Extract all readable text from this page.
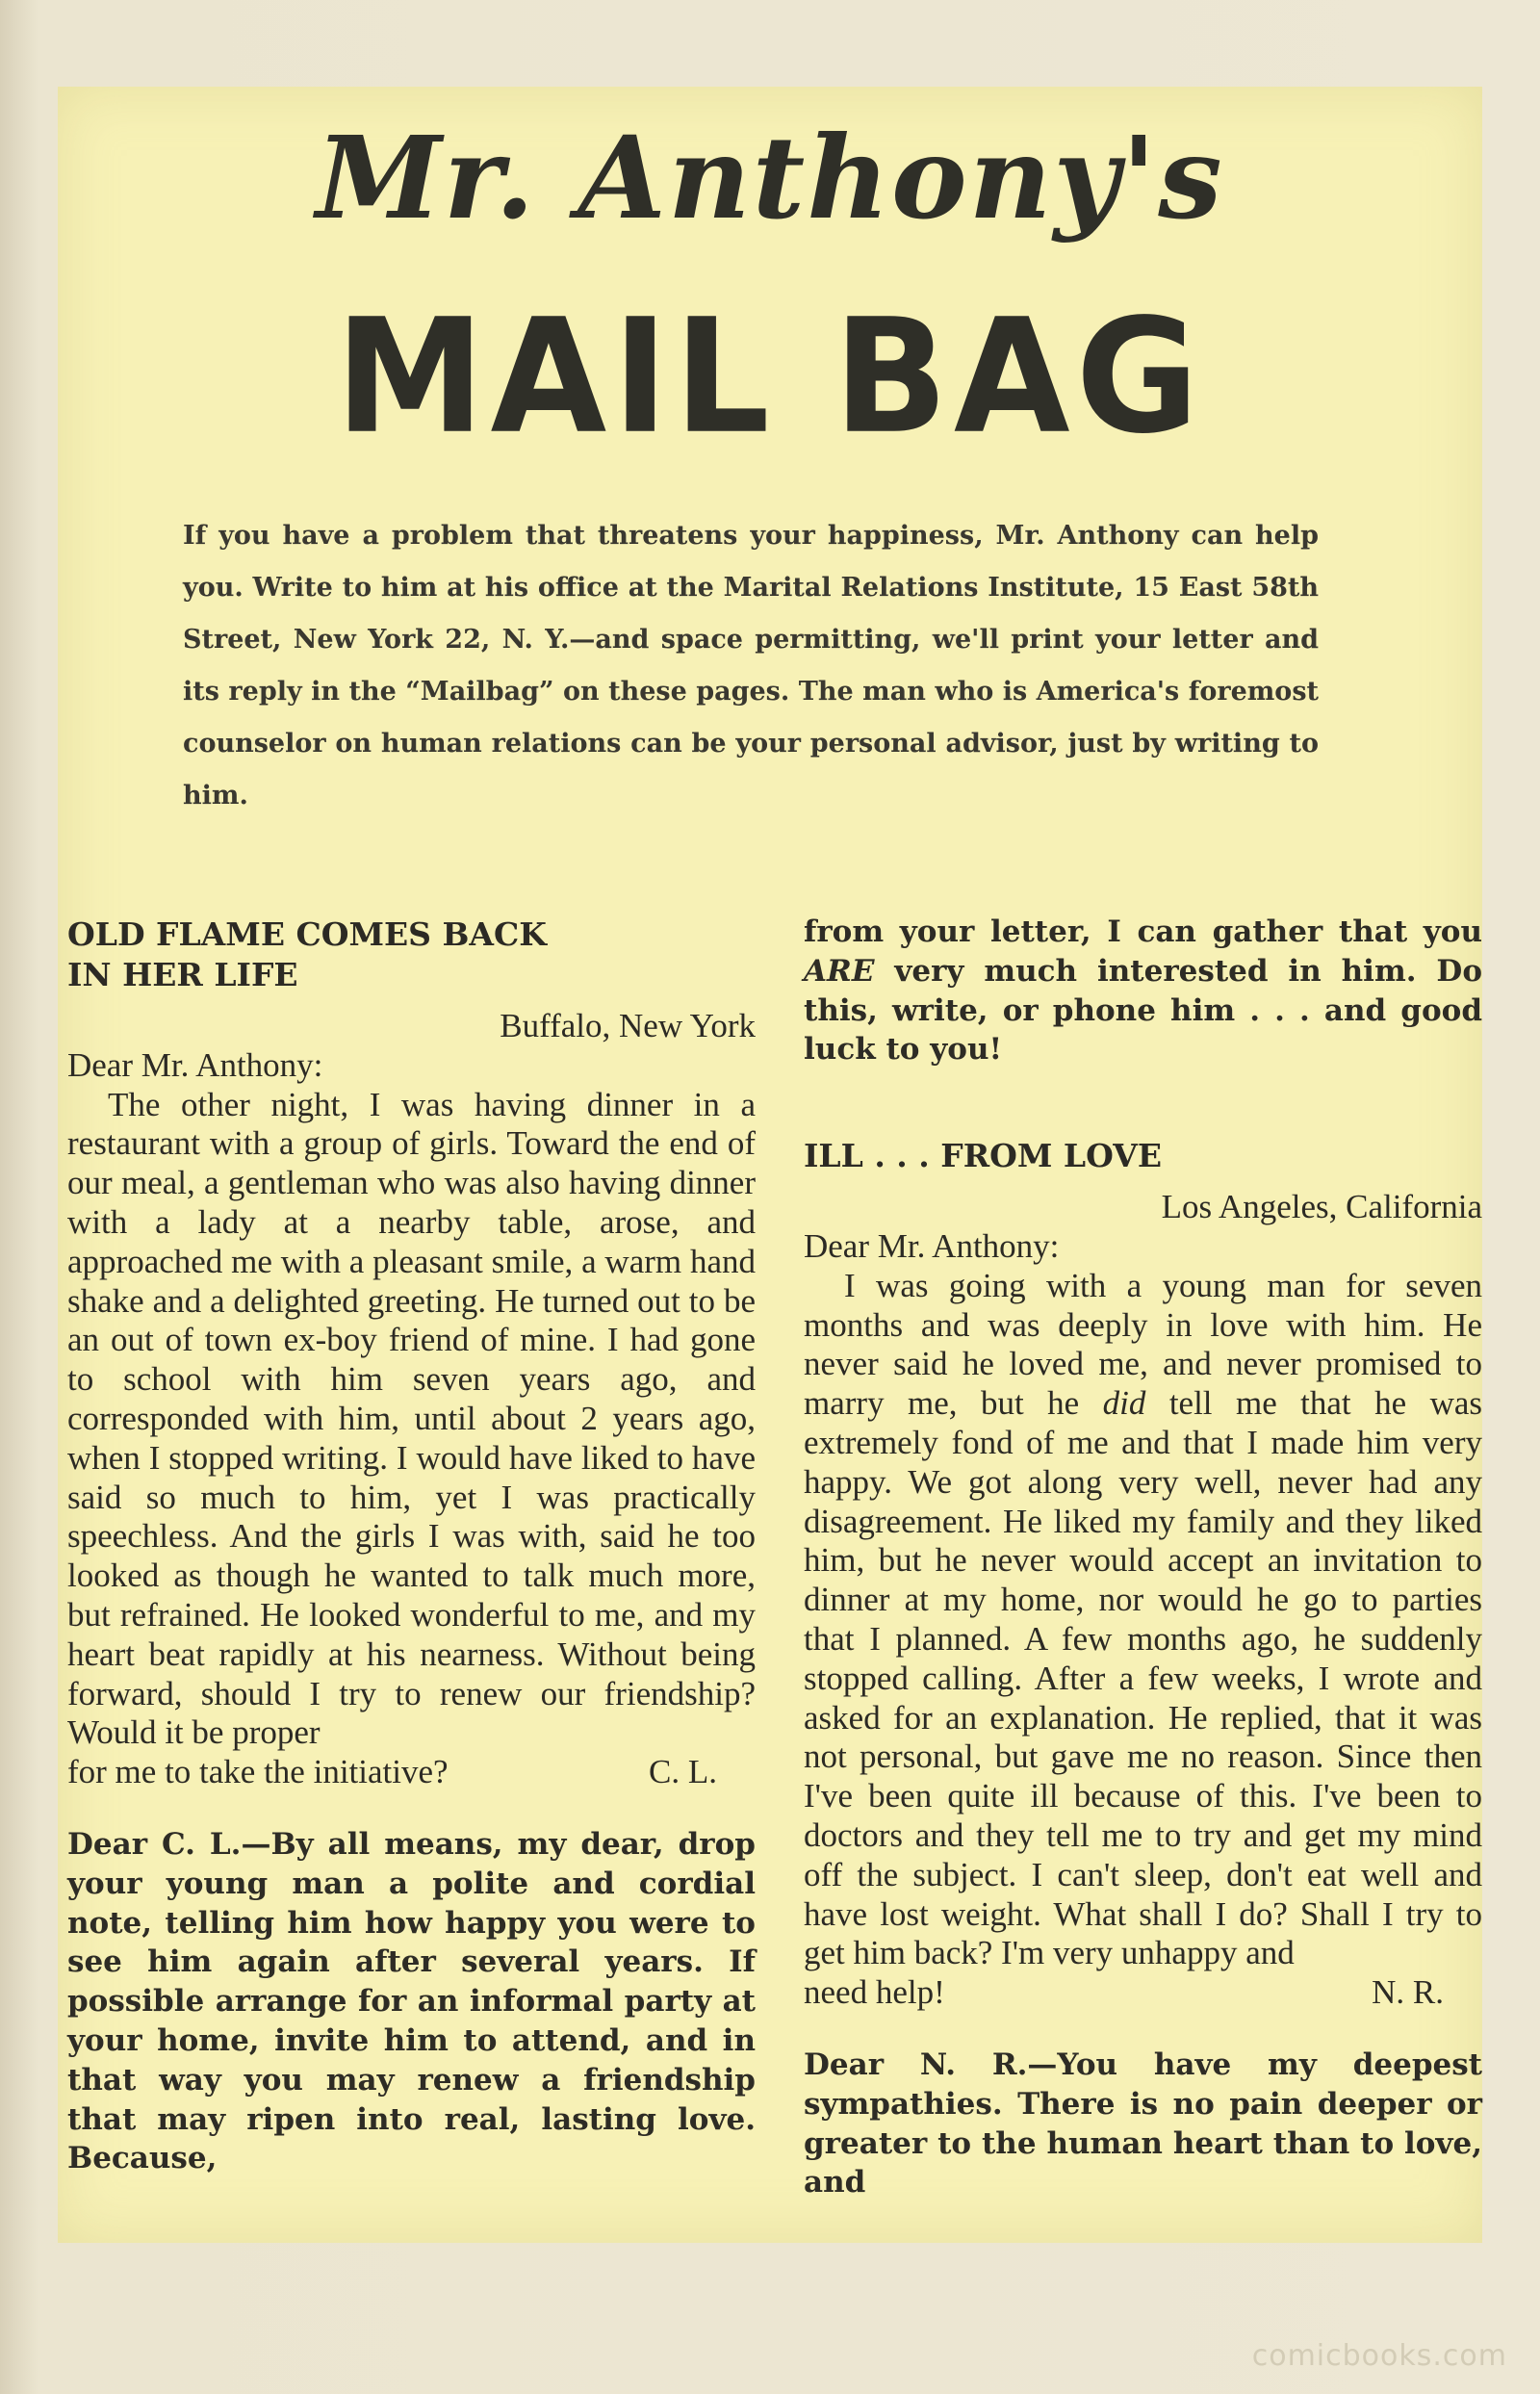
Mr. Anthony's
MAIL BAG
If you have a problem that threatens your happiness, Mr. Anthony can help you. Write to him at his office at the Marital Relations Institute, 15 East 58th Street, New York 22, N. Y.—and space permitting, we'll print your letter and its reply in the “Mailbag” on these pages. The man who is America's foremost counselor on human relations can be your personal advisor, just by writing to him.

OLD FLAME COMES BACK
IN HER LIFE

Buffalo, New York
Dear Mr. Anthony:

The other night, I was having dinner in a restaurant with a group of girls. Toward the end of our meal, a gentleman who was also having dinner with a lady at a nearby table, arose, and approached me with a pleasant smile, a warm hand shake and a delighted greeting. He turned out to be an out of town ex-boy friend of mine. I had gone to school with him seven years ago, and corresponded with him, until about 2 years ago, when I stopped writing. I would have liked to have said so much to him, yet I was practically speechless. And the girls I was with, said he too looked as though he wanted to talk much more, but refrained. He looked wonderful to me, and my heart beat rapidly at his nearness. Without being forward, should I try to renew our friendship? Would it be proper

for me to take the initiative?	C. L.

Dear C. L.—By all means, my dear, drop your young man a polite and cordial note, telling him how happy you were to see him again after several years. If possible arrange for an informal party at your home, invite him to attend, and in that way you may renew a friendship that may ripen into real, lasting love. Because,

from your letter, I can gather that you ARE very much interested in him. Do this, write, or phone him . . . and good luck to you!

ILL . . . FROM LOVE

Los Angeles, California
Dear Mr. Anthony:

I was going with a young man for seven months and was deeply in love with him. He never said he loved me, and never promised to marry me, but he did tell me that he was extremely fond of me and that I made him very happy. We got along very well, never had any disagreement. He liked my family and they liked him, but he never would accept an invitation to dinner at my home, nor would he go to parties that I planned. A few months ago, he suddenly stopped calling. After a few weeks, I wrote and asked for an explanation. He replied, that it was not personal, but gave me no reason. Since then I've been quite ill because of this. I've been to doctors and they tell me to try and get my mind off the subject. I can't sleep, don't eat well and have lost weight. What shall I do? Shall I try to get him back? I'm very unhappy and

need help!	N. R.

Dear N. R.—You have my deepest sympathies. There is no pain deeper or greater to the human heart than to love, and

comicbooks.com
